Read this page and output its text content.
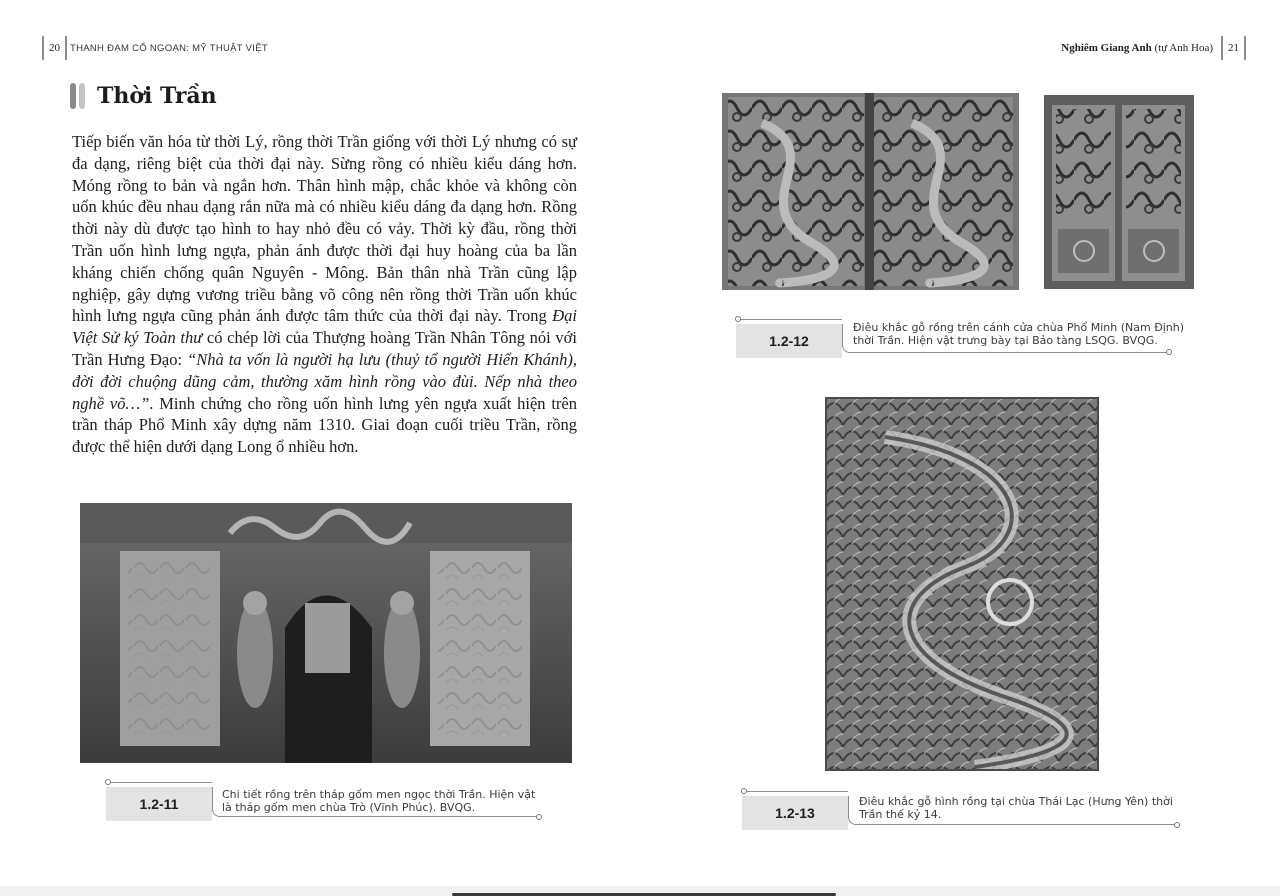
20	THANH ĐẠM CỔ NGOẠN: MỸ THUẬT VIỆT
Thời Trần

Tiếp biến văn hóa từ thời Lý, rồng thời Trần giống với thời Lý nhưng có sự đa dạng, riêng biệt của thời đại này. Sừng rồng có nhiều kiểu dáng hơn. Móng rồng to bản và ngắn hơn. Thân hình mập, chắc khỏe và không còn uốn khúc đều nhau dạng rắn nữa mà có nhiều kiểu dáng đa dạng hơn. Rồng thời này dù được tạo hình to hay nhỏ đều có vảy. Thời kỳ đầu, rồng thời Trần uốn hình lưng ngựa, phản ánh được thời đại huy hoàng của ba lần kháng chiến chống quân Nguyên - Mông. Bản thân nhà Trần cũng lập nghiệp, gây dựng vương triều bằng võ công nên rồng thời Trần uốn khúc hình lưng ngựa cũng phản ánh được tâm thức của thời đại này. Trong Đại Việt Sử ký Toàn thư có chép lời của Thượng hoàng Trần Nhân Tông nói với Trần Hưng Đạo: “Nhà ta vốn là người hạ lưu (thuỷ tổ người Hiển Khánh), đời đời chuộng dũng cảm, thường xăm hình rồng vào đùi. Nếp nhà theo nghề võ…”. Minh chứng cho rồng uốn hình lưng yên ngựa xuất hiện trên trần tháp Phổ Minh xây dựng năm 1310. Giai đoạn cuối triều Trần, rồng được thể hiện dưới dạng Long ổ nhiều hơn.

1.2-11
Chi tiết rồng trên tháp gốm men ngọc thời Trần. Hiện vật
là tháp gốm men chùa Trò (Vĩnh Phúc). BVQG.
Nghiêm Giang Anh (tự Anh Hoa)	21
1.2-12
Điêu khắc gỗ rồng trên cánh cửa chùa Phổ Minh (Nam Định)
thời Trần. Hiện vật trưng bày tại Bảo tàng LSQG. BVQG.
1.2-13
Điêu khắc gỗ hình rồng tại chùa Thái Lạc (Hưng Yên) thời
Trần thế kỷ 14.
